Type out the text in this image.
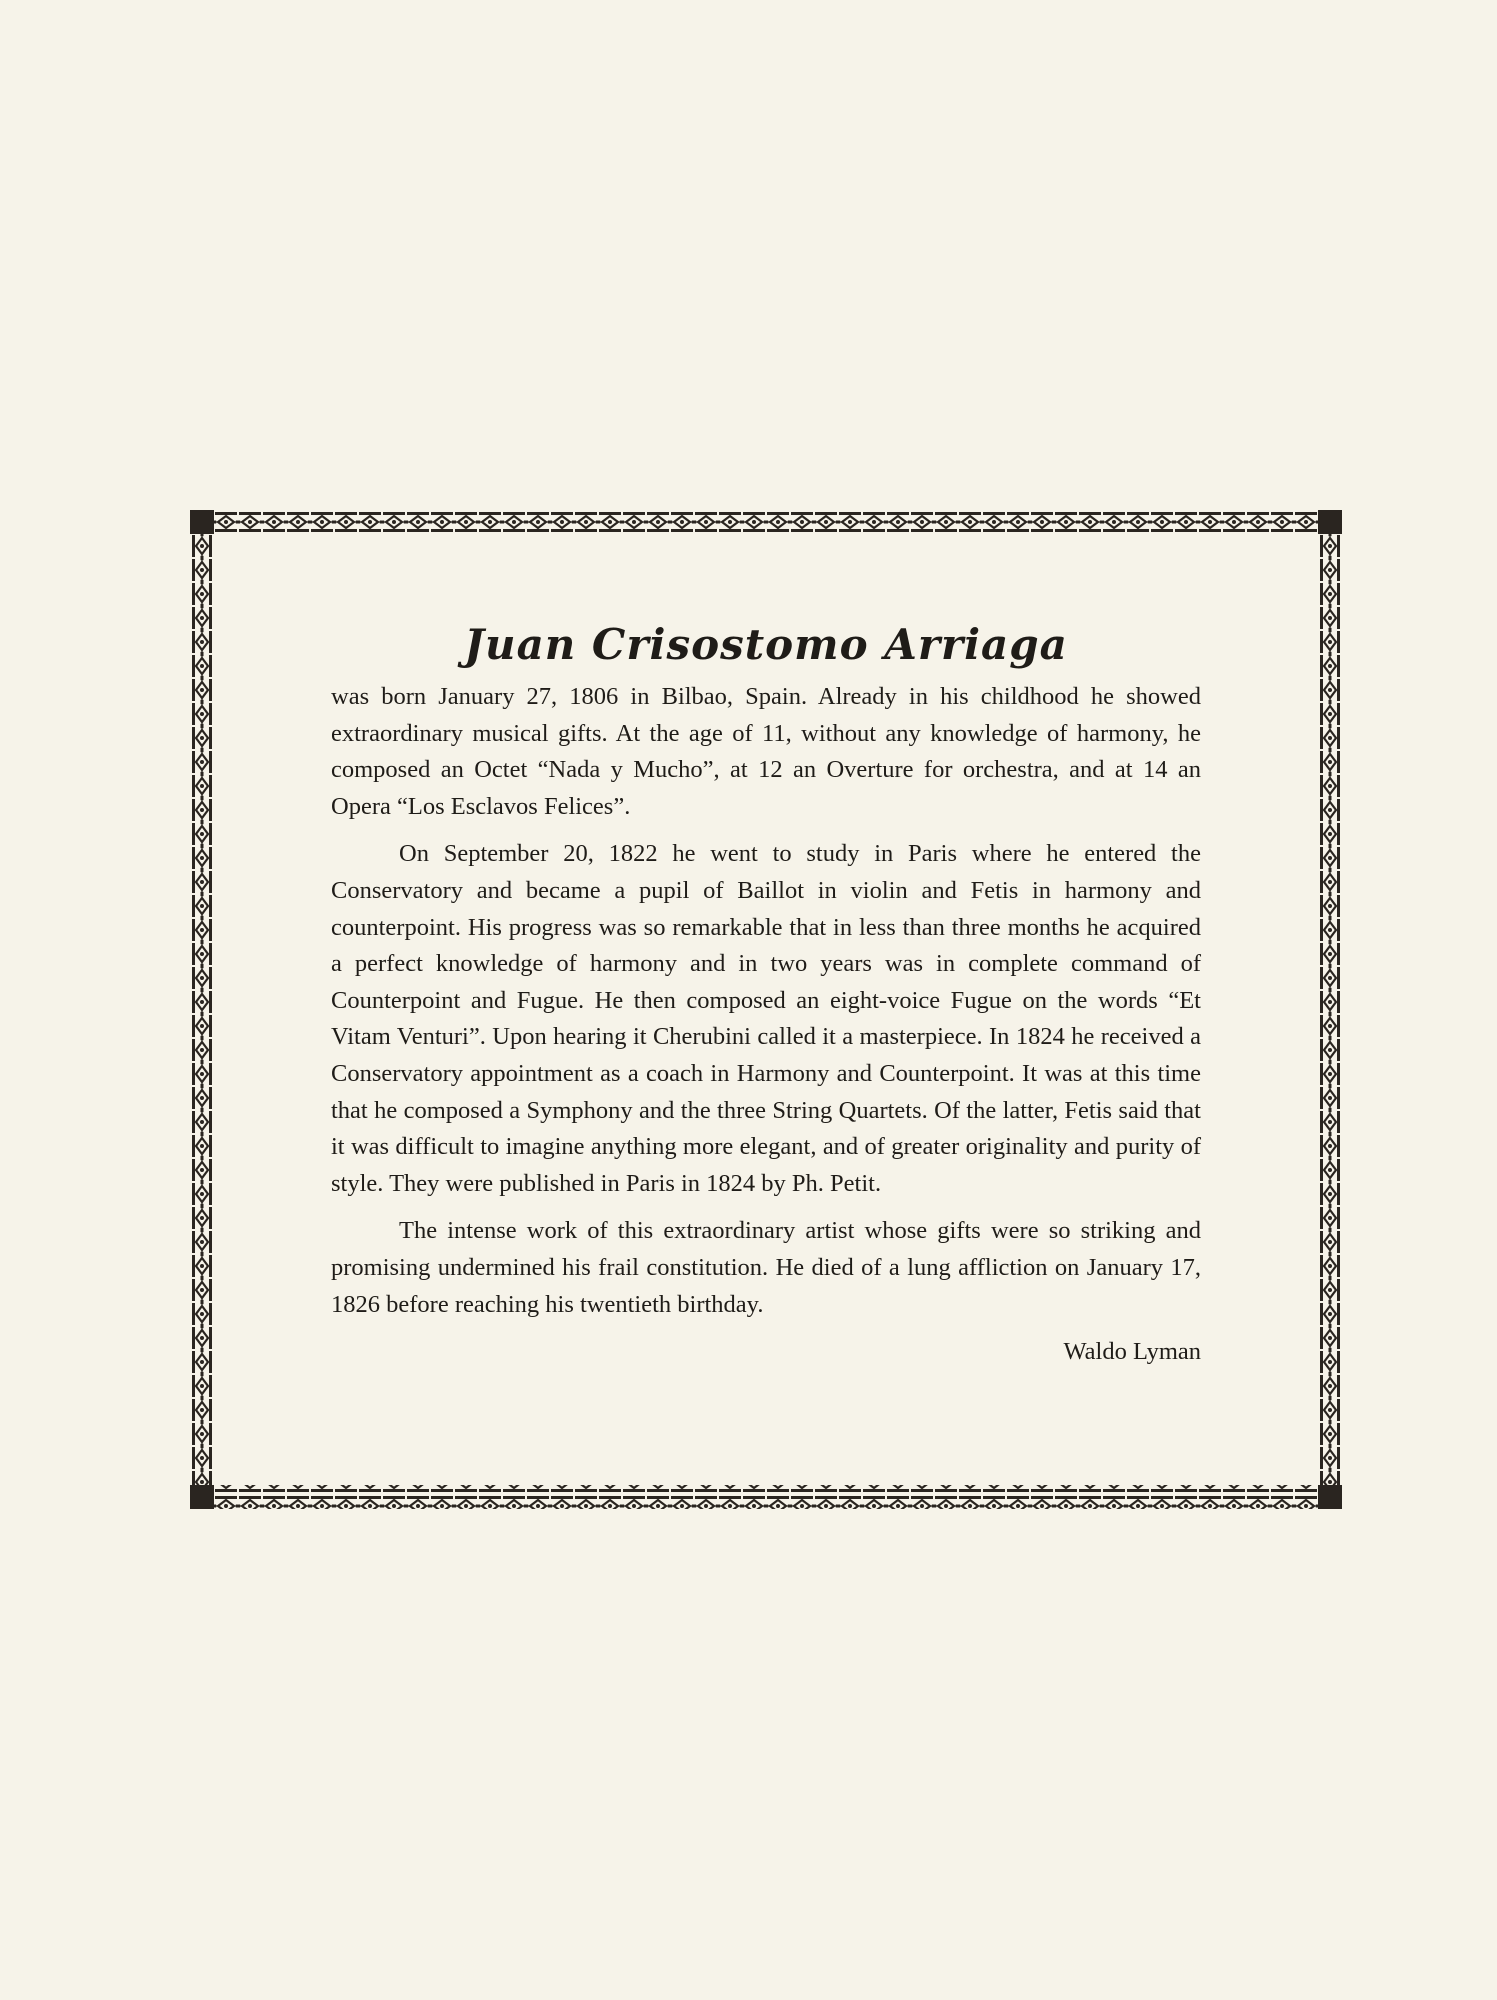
Juan Crisostomo Arriaga

was born January 27, 1806 in Bilbao, Spain. Already in his childhood he showed extraordinary musical gifts. At the age of 11, without any knowledge of harmony, he composed an Octet “Nada y Mucho”, at 12 an Overture for orchestra, and at 14 an Opera “Los Esclavos Felices”.

On September 20, 1822 he went to study in Paris where he entered the Conservatory and became a pupil of Baillot in violin and Fetis in harmony and counterpoint. His progress was so remarkable that in less than three months he acquired a perfect knowledge of harmony and in two years was in complete command of Counterpoint and Fugue. He then composed an eight-voice Fugue on the words “Et Vitam Venturi”. Upon hearing it Cherubini called it a masterpiece. In 1824 he received a Conservatory appointment as a coach in Harmony and Counterpoint. It was at this time that he composed a Symphony and the three String Quartets. Of the latter, Fetis said that it was difficult to imagine anything more elegant, and of greater originality and purity of style. They were published in Paris in 1824 by Ph. Petit.

The intense work of this extraordinary artist whose gifts were so striking and promising undermined his frail constitution. He died of a lung affliction on January 17, 1826 before reaching his twentieth birthday.

Waldo Lyman
